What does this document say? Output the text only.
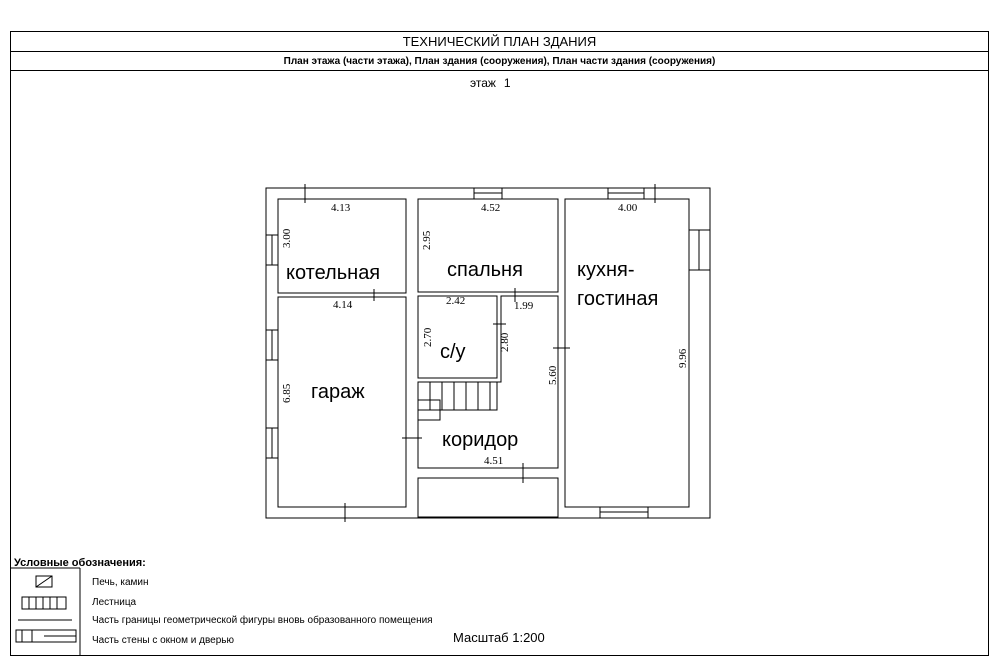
ТЕХНИЧЕСКИЙ ПЛАН ЗДАНИЯ
План этажа (части этажа), План здания (сооружения), План части здания (сооружения)
этаж 1
котельная	спальня	кухня-
гостиная
гараж
с/у
коридор
4.13
3.00
4.52
2.95
4.00
9.96
4.14
6.85
2.42
2.70	2.80
1.99
5.60
4.51
Условные обозначения:
Печь, камин
Лестница
Часть границы геометрической фигуры вновь образованного помещения
Часть стены с окном и дверью	Масштаб 1:200
